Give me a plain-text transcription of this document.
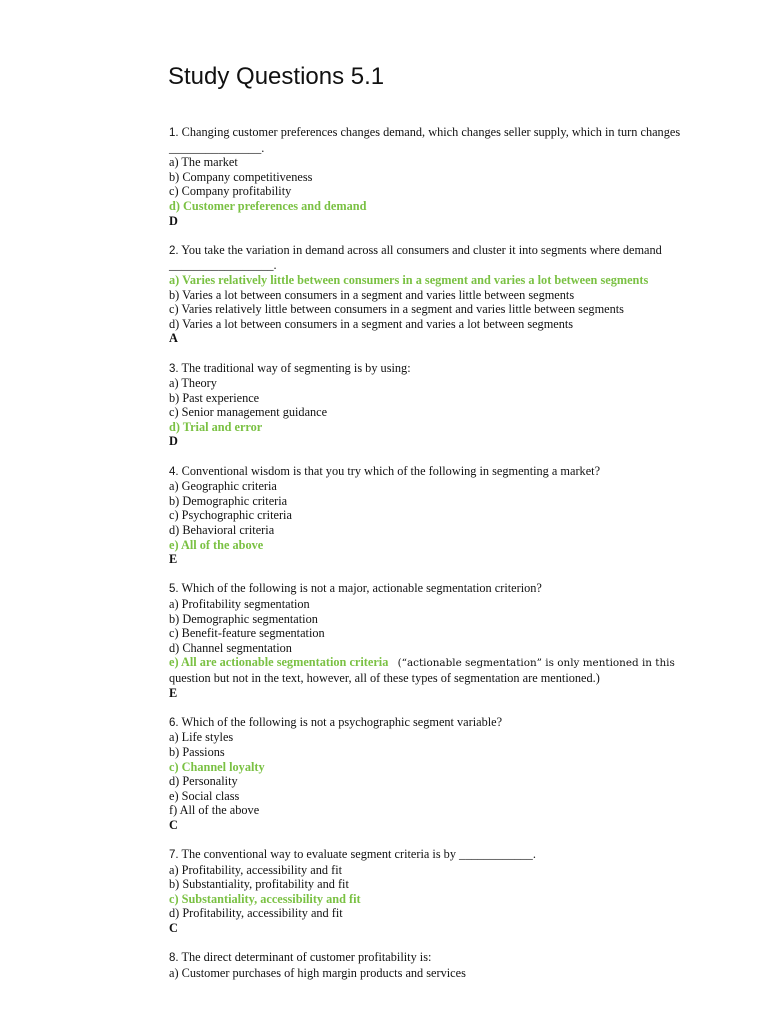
Study Questions 5.1
1. Changing customer preferences changes demand, which changes seller supply, which in turn changes
_______________.
a) The market
b) Company competitiveness
c) Company profitability
d) Customer preferences and demand
D
2. You take the variation in demand across all consumers and cluster it into segments where demand
_________________.
a) Varies relatively little between consumers in a segment and varies a lot between segments
b) Varies a lot between consumers in a segment and varies little between segments
c) Varies relatively little between consumers in a segment and varies little between segments
d) Varies a lot between consumers in a segment and varies a lot between segments
A
3. The traditional way of segmenting is by using:
a) Theory
b) Past experience
c) Senior management guidance
d) Trial and error
D
4. Conventional wisdom is that you try which of the following in segmenting a market?
a) Geographic criteria
b) Demographic criteria
c) Psychographic criteria
d) Behavioral criteria
e) All of the above
E
5. Which of the following is not a major, actionable segmentation criterion?
a) Profitability segmentation
b) Demographic segmentation
c) Benefit-feature segmentation
d) Channel segmentation
e) All are actionable segmentation criteria (“actionable segmentation” is only mentioned in this
question but not in the text, however, all of these types of segmentation are mentioned.)
E
6. Which of the following is not a psychographic segment variable?
a) Life styles
b) Passions
c) Channel loyalty
d) Personality
e) Social class
f) All of the above
C
7. The conventional way to evaluate segment criteria is by ____________.
a) Profitability, accessibility and fit
b) Substantiality, profitability and fit
c) Substantiality, accessibility and fit
d) Profitability, accessibility and fit
C
8. The direct determinant of customer profitability is:
a) Customer purchases of high margin products and services
